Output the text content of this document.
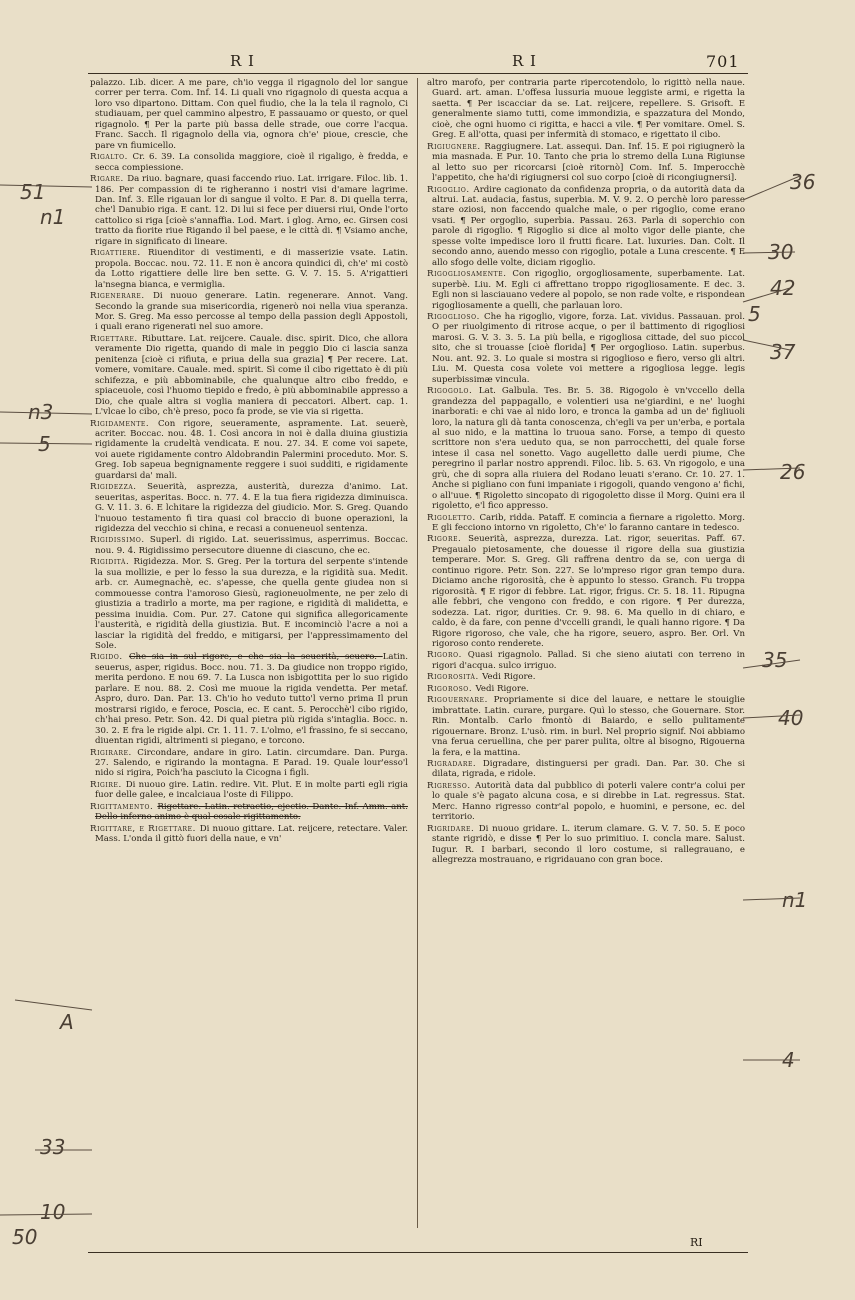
R I	R I	701

palazzo. Lib. dicer. A me pare, ch'io vegga il rigagnolo del lor sangue correr per terra. Com. Inf. 14. Li quali vno rigagnolo di questa acqua a loro vso dipartono. Dittam. Con quel fiudio, che la la tela il ragnolo, Ci studiauam, per quel cammino alpestro, E passauamo or questo, or quel rigagnolo. ¶ Per la parte più bassa delle strade, oue corre l'acqua. Franc. Sacch. Il rigagnolo della via, ognora ch'e' pioue, crescie, che pare vn fiumicello.

Rigalto. Cr. 6. 39. La consolida maggiore, cioè il rigaligo, è fredda, e secca compiessione.

Rigare. Da riuo. bagnare, quasi faccendo riuo. Lat. irrigare. Filoc. lib. 1. 186. Per compassion di te righeranno i nostri visi d'amare lagrime. Dan. Inf. 3. Elle rigauan lor di sangue il volto. E Par. 8. Di quella terra, che'l Danubio riga. E cant. 12. Di lui si fece per diuersi riui, Onde l'orto cattolico si riga [cioè s'annaffia. Lod. Mart. i glog. Arno, ec. Girsen cosi tratto da fiorite riue Rigando il bel paese, e le città di. ¶ Vsiamo anche, rigare in significato di lineare.

Rigattiere. Riuenditor di vestimenti, e di masserizie vsate. Latin. propola. Boccac. nou. 72. 11. E non è ancora quindici dì, ch'e' mi costò da Lotto rigattiere delle lire ben sette. G. V. 7. 15. 5. A'rigattieri la'nsegna bianca, e vermiglia.

Rigenerare. Di nuouo generare. Latin. regenerare. Annot. Vang. Secondo la grande sua misericordia, rigenerò noi nella viua speranza. Mor. S. Greg. Ma esso percosse al tempo della passion degli Appostoli, i quali erano rigenerati nel suo amore.

Rigettare. Ributtare. Lat. reijcere. Cauale. disc. spirit. Dico, che allora veramente Dio rigetta, quando di male in peggio Dio ci lascia sanza penitenza [cioè ci rifiuta, e priua della sua grazia] ¶ Per recere. Lat. vomere, vomitare. Cauale. med. spirit. Sì come il cibo rigettato è di più schifezza, e più abbominabile, che qualunque altro cibo freddo, e spiaceuole, così l'huomo tiepido e fredo, è più abbominabile appresso a Dio, che quale altra si voglia maniera di peccatori. Albert. cap. 1. L'vlcae lo cibo, ch'è preso, poco fa prode, se vie via si rigetta.

Rigidamente. Con rigore, seueramente, aspramente. Lat. seuerè, acriter. Boccac. nou. 48. 1. Così ancora in noi è dalla diuina giustizia rigidamente la crudeltà vendicata. E nou. 27. 34. E come voi sapete, voi auete rigidamente contro Aldobrandin Palermini proceduto. Mor. S. Greg. Iob sapeua begnignamente reggere i suoi sudditi, e rigidamente guardarsi da' mali.

Rigidezza. Seuerità, asprezza, austerità, durezza d'animo. Lat. seueritas, asperitas. Bocc. n. 77. 4. E la tua fiera rigidezza diminuisca. G. V. 11. 3. 6. E lchitare la rigidezza del giudicio. Mor. S. Greg. Quando l'nuouo testamento fi tira quasi col braccio di buone operazioni, la rigidezza del vecchio si china, e recasi a conueneuol sentenza.

Rigidissimo. Superl. di rigido. Lat. seuerissimus, asperrimus. Boccac. nou. 9. 4. Rigidissimo persecutore diuenne di ciascuno, che ec.

Rigidità. Rigidezza. Mor. S. Greg. Per la tortura del serpente s'intende la sua mollizie, e per lo fesso la sua durezza, e la rigidità sua. Medit. arb. cr. Aumegnachè, ec. s'apesse, che quella gente giudea non si commouesse contra l'amoroso Giesù, ragioneuolmente, ne per zelo di giustizia a tradirlo a morte, ma per ragione, e rigidità di malidetta, e pessima inuidia. Com. Pur. 27. Catone qui significa allegoricamente l'austerità, e rigidità della giustizia. But. E incominciò l'acre a noi a lasciar la rigidità del freddo, e mitigarsi, per l'appressimamento del Sole.

Rigido. Che sia in sul rigore, e che sia la seuerità, seuero. Latin. seuerus, asper, rigidus. Bocc. nou. 71. 3. Da giudice non troppo rigido, merita perdono. E nou 69. 7. La Lusca non isbigottita per lo suo rigido parlare. E nou. 88. 2. Così me muoue la rigida vendetta. Per metaf. Aspro, duro. Dan. Par. 13. Ch'io ho veduto tutto'l verno prima Il prun mostrarsi rigido, e feroce, Poscia, ec. E cant. 5. Perocchè'l cibo rigido, ch'hai preso. Petr. Son. 42. Di qual pietra più rigida s'intaglia. Bocc. n. 30. 2. E fra le rigide alpi. Cr. 1. 11. 7. L'olmo, e'l frassino, fe si seccano, diuentan rigidi, altrimenti si piegano, e torcono.

Rigirare. Circondare, andare in giro. Latin. circumdare. Dan. Purga. 27. Salendo, e rigirando la montagna. E Parad. 19. Quale lour'esso'l nido si rigira, Poich'ha pasciuto la Cicogna i figli.

Rigire. Di nuouo gire. Latin. redire. Vit. Plut. E in molte parti egli rigia fuor delle galee, e incalciaua l'oste di Filippo.

Rigittamento. Rigettare. Latin. retractio, ejectio. Dante. Inf. Amm. ant. Dello inferno animo è qual cosale rigittamento.

Rigittare, e Rigettare. Di nuouo gittare. Lat. reijcere, retectare. Valer. Mass. L'onda il gittò fuori della naue, e vn'

altro marofo, per contraria parte ripercotendolo, lo rigittò nella naue. Guard. art. aman. L'offesa lussuria muoue leggiste armi, e rigetta la saetta. ¶ Per iscacciar da se. Lat. reijcere, repellere. S. Grisoft. E generalmente siamo tutti, come immondizia, e spazzatura del Mondo, cioè, che ogni huomo ci rigitta, e hacci a vile. ¶ Per vomitare. Omel. S. Greg. E all'otta, quasi per infermità di stomaco, e rigettato il cibo.

Rigiugnere. Raggiugnere. Lat. assequi. Dan. Inf. 15. E poi rigiugnerò la mia masnada. E Pur. 10. Tanto che pria lo stremo della Luna Rigiunse al letto suo per ricorcarsi [cioè ritornò] Com. Inf. 5. Imperocchè l'appetito, che ha'di rigiugnersi col suo corpo [cioè di ricongiugnersi].

Rigoglio. Ardire cagionato da confidenza propria, o da autorità data da altrui. Lat. audacia, fastus, superbia. M. V. 9. 2. O perchè loro paresse stare oziosi, non faccendo qualche male, o per rigoglio, come erano vsati. ¶ Per orgoglio, superbia. Passau. 263. Parla di soperchio con parole di rigoglio. ¶ Rigoglio si dice al molto vigor delle piante, che spesse volte impedisce loro il frutti ficare. Lat. luxuries. Dan. Colt. Il secondo anno, auendo messo con rigoglio, potale a Luna crescente. ¶ E allo sfogo delle volte, diciam rigoglio.

Rigogliosamente. Con rigoglio, orgogliosamente, superbamente. Lat. superbè. Liu. M. Egli ci affrettano troppo rigogliosamente. E dec. 3. Egli non si lasciauano vedere al popolo, se non rade volte, e rispondean rigogliosamente a quelli, che parlauan loro.

Rigoglioso. Che ha rigoglio, vigore, forza. Lat. vividus. Passauan. prol. O per riuolgimento di ritrose acque, o per il battimento di rigogliosi marosi. G. V. 3. 3. 5. La più bella, e rigogliosa cittade, del suo piccol sito, che si trouasse [cioè florida] ¶ Per orgoglioso. Latin. superbus. Nou. ant. 92. 3. Lo quale si mostra si rigoglioso e fiero, verso gli altri. Liu. M. Questa cosa volete voi mettere a rigogliosa legge. legis superbissimæ vincula.

Rigogolo. Lat. Galbula. Tes. Br. 5. 38. Rigogolo è vn'vccello della grandezza del pappagallo, e volentieri usa ne'giardini, e ne' luoghi inarborati: e chi vae al nido loro, e tronca la gamba ad un de' figliuoli loro, la natura gli dà tanta conoscenza, ch'egli va per un'erba, e portala al suo nido, e la mattina lo truoua sano. Forse, a tempo di questo scrittore non s'era ueduto qua, se non parrocchetti, del quale forse intese il casa nel sonetto. Vago augelletto dalle uerdi piume, Che peregrino il parlar nostro apprendi. Filoc. lib. 5. 63. Vn rigogolo, e una grù, che di sopra alla riuiera del Rodano leuati s'erano. Cr. 10. 27. 1. Anche si pigliano con funi impaniate i rigogoli, quando vengono a' fichi, o all'uue. ¶ Rigoletto sincopato di rigogoletto disse il Morg. Quini era il rigoletto, e'l fico appresso.

Rigoletto. Carib, ridda. Pataff. E comincia a fiernare a rigoletto. Morg. E gli fecciono intorno vn rigoletto, Ch'e' lo faranno cantare in tedesco.

Rigore. Seuerità, asprezza, durezza. Lat. rigor, seueritas. Paff. 67. Pregaualo pietosamente, che douesse il rigore della sua giustizia temperare. Mor. S. Greg. Gli raffrena dentro da se, con uerga di continuo rigore. Petr. Son. 227. Se lo'mpreso rigor gran tempo dura. Diciamo anche rigorosità, che è appunto lo stesso. Granch. Fu troppa rigorosità. ¶ E rigor di febbre. Lat. rigor, frigus. Cr. 5. 18. 11. Ripugna alle febbri, che vengono con freddo, e con rigore. ¶ Per durezza, sodezza. Lat. rigor, durities. Cr. 9. 98. 6. Ma quello in di chiaro, e caldo, è da fare, con penne d'vccelli grandi, le quali hanno rigore. ¶ Da Rigore rigoroso, che vale, che ha rigore, seuero, aspro. Ber. Orl. Vn rigoroso conto renderete.

Rigoro. Quasi rigagnolo. Pallad. Si che sieno aiutati con terreno in rigori d'acqua. sulco irriguo.

Rigorosità. Vedi Rigore.

Rigoroso. Vedi Rigore.

Rigouernare. Propriamente si dice del lauare, e nettare le stouiglie imbrattate. Latin. curare, purgare. Quì lo stesso, che Gouernare. Stor. Rin. Montalb. Carlo fmontò di Baiardo, e sello pulitamente rigouernare. Bronz. L'usò. rim. in burl. Nel proprio signif. Noi abbiamo vna ferua ceruellina, che per parer pulita, oltre al bisogno, Rigouerna la fera, e la mattina.

Rigradare. Digradare, distinguersi per gradi. Dan. Par. 30. Che si dilata, rigrada, e ridole.

Rigresso. Autorità data dal pubblico di poterli valere contr'a colui per lo quale s'è pagato alcuna cosa, e si direbbe in Lat. regressus. Stat. Merc. Hanno rigresso contr'al popolo, e huomini, e persone, ec. del territorio.

Rigridare. Di nuouo gridare. L. iterum clamare. G. V. 7. 50. 5. E poco stante rigridò, e disse ¶ Per lo suo primitiuo. I. concla mare. Salust. Iugur. R. I barbari, secondo il loro costume, si rallegrauano, e allegrezza mostrauano, e rigridauano con gran boce.

RI
51
n1
n3
5
A
33
10
50
36
30
42
5
37
26
35
40
n1
4
